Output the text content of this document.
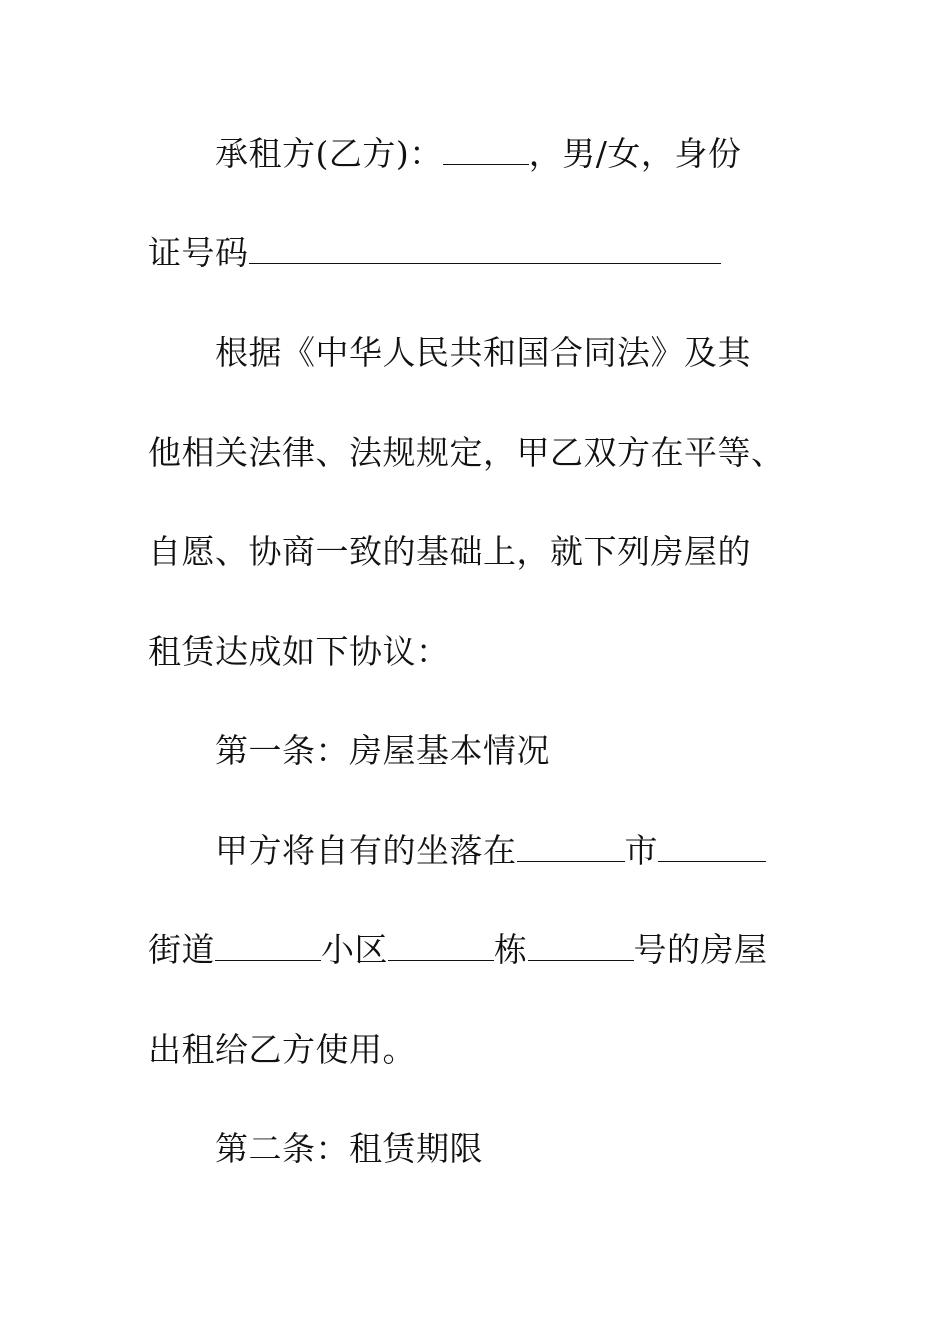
承租方(乙方)：	，男/女，身份
证号码
根据《中华人民共和国合同法》及其
他相关法律、法规规定，甲乙双方在平等、
自愿、协商一致的基础上，就下列房屋的
租赁达成如下协议：
第一条：房屋基本情况
甲方将自有的坐落在	市
街道	小区	栋	号的房屋
出租给乙方使用。
第二条：租赁期限
